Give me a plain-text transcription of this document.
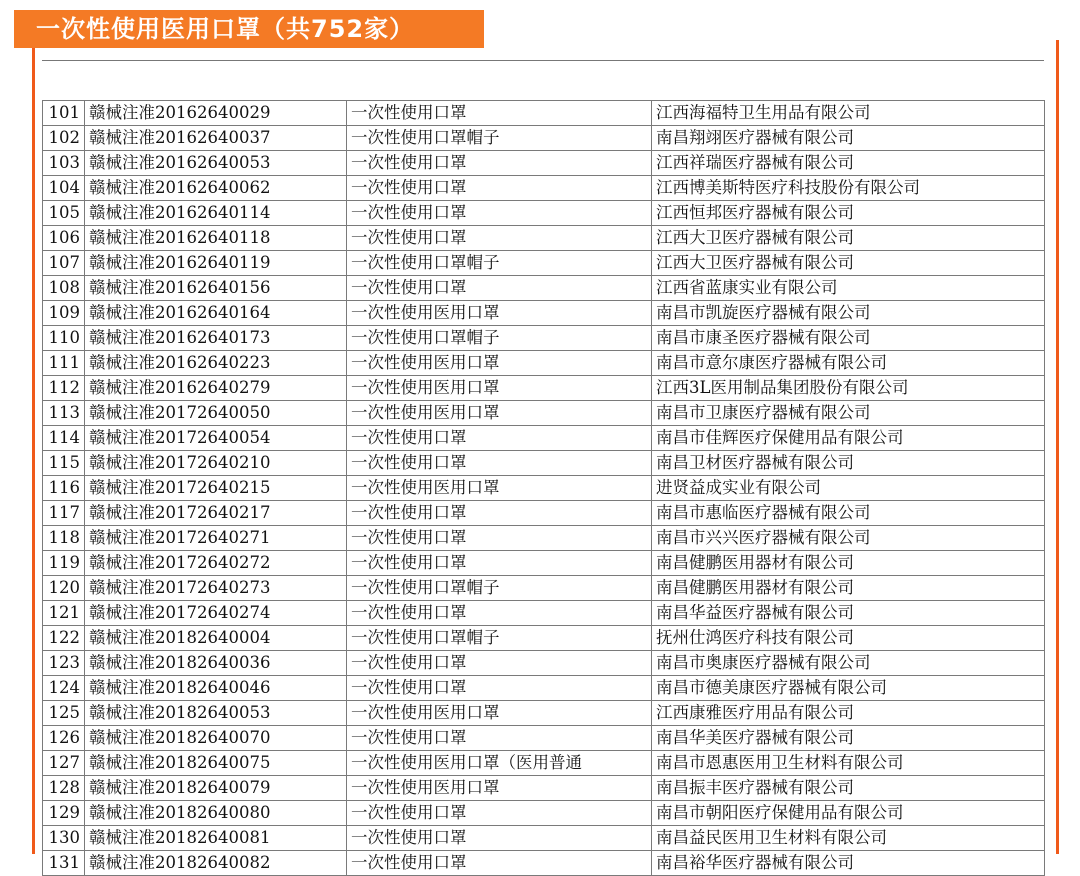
一次性使用医用口罩（共752家）
101	赣械注准20162640029	一次性使用口罩	江西海福特卫生用品有限公司
102	赣械注准20162640037	一次性使用口罩帽子	南昌翔翊医疗器械有限公司
103	赣械注准20162640053	一次性使用口罩	江西祥瑞医疗器械有限公司
104	赣械注准20162640062	一次性使用口罩	江西博美斯特医疗科技股份有限公司
105	赣械注准20162640114	一次性使用口罩	江西恒邦医疗器械有限公司
106	赣械注准20162640118	一次性使用口罩	江西大卫医疗器械有限公司
107	赣械注准20162640119	一次性使用口罩帽子	江西大卫医疗器械有限公司
108	赣械注准20162640156	一次性使用口罩	江西省蓝康实业有限公司
109	赣械注准20162640164	一次性使用医用口罩	南昌市凯旋医疗器械有限公司
110	赣械注准20162640173	一次性使用口罩帽子	南昌市康圣医疗器械有限公司
111	赣械注准20162640223	一次性使用医用口罩	南昌市意尔康医疗器械有限公司
112	赣械注准20162640279	一次性使用医用口罩	江西3L医用制品集团股份有限公司
113	赣械注准20172640050	一次性使用医用口罩	南昌市卫康医疗器械有限公司
114	赣械注准20172640054	一次性使用口罩	南昌市佳辉医疗保健用品有限公司
115	赣械注准20172640210	一次性使用口罩	南昌卫材医疗器械有限公司
116	赣械注准20172640215	一次性使用医用口罩	进贤益成实业有限公司
117	赣械注准20172640217	一次性使用口罩	南昌市惠临医疗器械有限公司
118	赣械注准20172640271	一次性使用口罩	南昌市兴兴医疗器械有限公司
119	赣械注准20172640272	一次性使用口罩	南昌健鹏医用器材有限公司
120	赣械注准20172640273	一次性使用口罩帽子	南昌健鹏医用器材有限公司
121	赣械注准20172640274	一次性使用口罩	南昌华益医疗器械有限公司
122	赣械注准20182640004	一次性使用口罩帽子	抚州仕鸿医疗科技有限公司
123	赣械注准20182640036	一次性使用口罩	南昌市奥康医疗器械有限公司
124	赣械注准20182640046	一次性使用口罩	南昌市德美康医疗器械有限公司
125	赣械注准20182640053	一次性使用医用口罩	江西康雅医疗用品有限公司
126	赣械注准20182640070	一次性使用口罩	南昌华美医疗器械有限公司
127	赣械注准20182640075	一次性使用医用口罩（医用普通	南昌市恩惠医用卫生材料有限公司
128	赣械注准20182640079	一次性使用医用口罩	南昌振丰医疗器械有限公司
129	赣械注准20182640080	一次性使用口罩	南昌市朝阳医疗保健用品有限公司
130	赣械注准20182640081	一次性使用口罩	南昌益民医用卫生材料有限公司
131	赣械注准20182640082	一次性使用口罩	南昌裕华医疗器械有限公司
